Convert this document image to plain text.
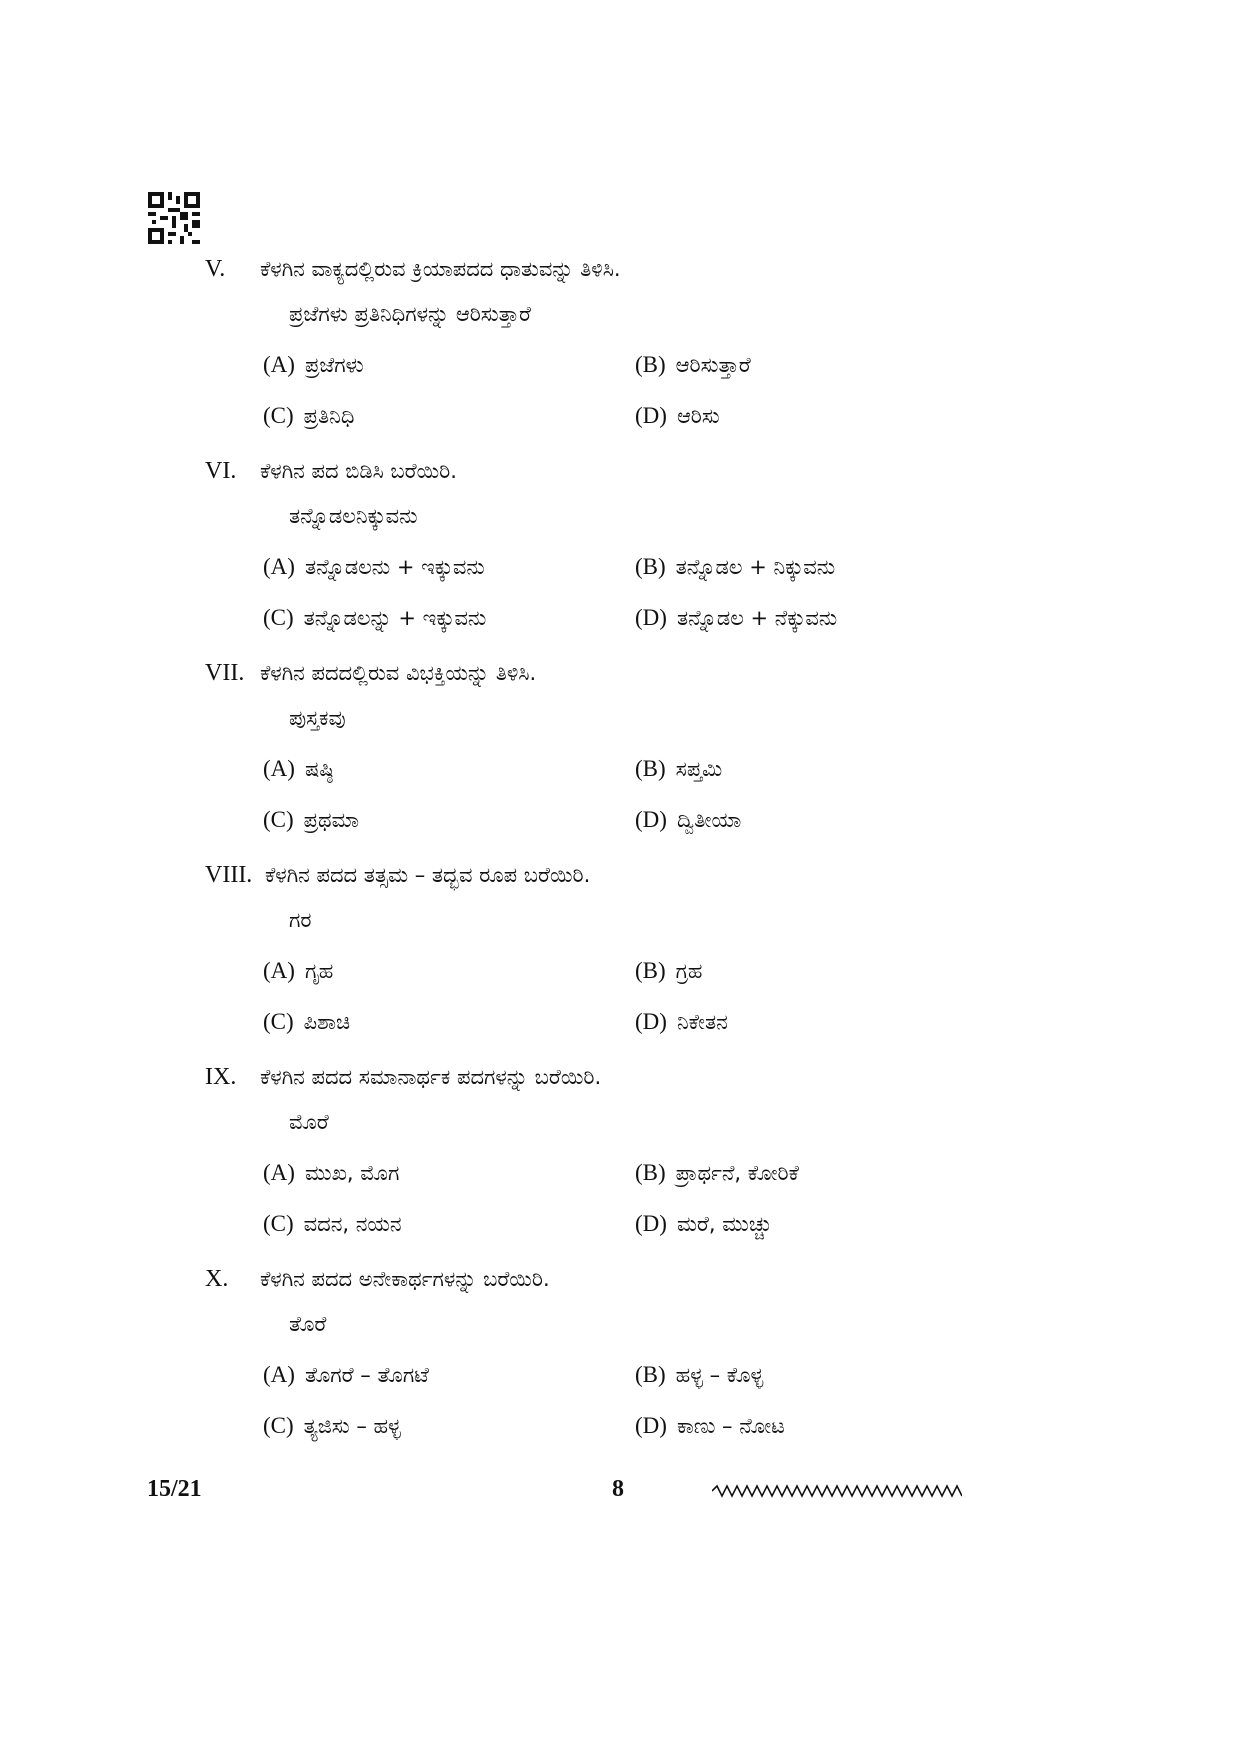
V. ಕೆಳಗಿನ ವಾಕ್ಯದಲ್ಲಿರುವ ಕ್ರಿಯಾಪದದ ಧಾತುವನ್ನು ತಿಳಿಸಿ.
ಪ್ರಜೆಗಳು ಪ್ರತಿನಿಧಿಗಳನ್ನು ಆರಿಸುತ್ತಾರೆ
(A) ಪ್ರಜೆಗಳು	(B) ಆರಿಸುತ್ತಾರೆ
(C) ಪ್ರತಿನಿಧಿ	(D) ಆರಿಸು
VI. ಕೆಳಗಿನ ಪದ ಬಿಡಿಸಿ ಬರೆಯಿರಿ.
ತನ್ನೊಡಲನಿಕ್ಕುವನು
(A) ತನ್ನೊಡಲನು + ಇಕ್ಕುವನು	(B) ತನ್ನೊಡಲ + ನಿಕ್ಕುವನು
(C) ತನ್ನೊಡಲನ್ನು + ಇಕ್ಕುವನು	(D) ತನ್ನೊಡಲ + ನೆಕ್ಕುವನು
VII. ಕೆಳಗಿನ ಪದದಲ್ಲಿರುವ ವಿಭಕ್ತಿಯನ್ನು ತಿಳಿಸಿ.
ಪುಸ್ತಕವು
(A) ಷಷ್ಠಿ	(B) ಸಪ್ತಮಿ
(C) ಪ್ರಥಮಾ	(D) ದ್ವಿತೀಯಾ
VIII. ಕೆಳಗಿನ ಪದದ ತತ್ಸಮ – ತದ್ಭವ ರೂಪ ಬರೆಯಿರಿ.
ಗರ
(A) ಗೃಹ	(B) ಗ್ರಹ
(C) ಪಿಶಾಚಿ	(D) ನಿಕೇತನ
IX. ಕೆಳಗಿನ ಪದದ ಸಮಾನಾರ್ಥಕ ಪದಗಳನ್ನು ಬರೆಯಿರಿ.
ಮೊರೆ
(A) ಮುಖ, ಮೊಗ	(B) ಪ್ರಾರ್ಥನೆ, ಕೋರಿಕೆ
(C) ವದನ, ನಯನ	(D) ಮರೆ, ಮುಚ್ಚು
X. ಕೆಳಗಿನ ಪದದ ಅನೇಕಾರ್ಥಗಳನ್ನು ಬರೆಯಿರಿ.
ತೊರೆ
(A) ತೊಗರೆ – ತೊಗಟೆ	(B) ಹಳ್ಳ – ಕೊಳ್ಳ
(C) ತ್ಯಜಿಸು – ಹಳ್ಳ	(D) ಕಾಣು – ನೋಟ
15/21	8
